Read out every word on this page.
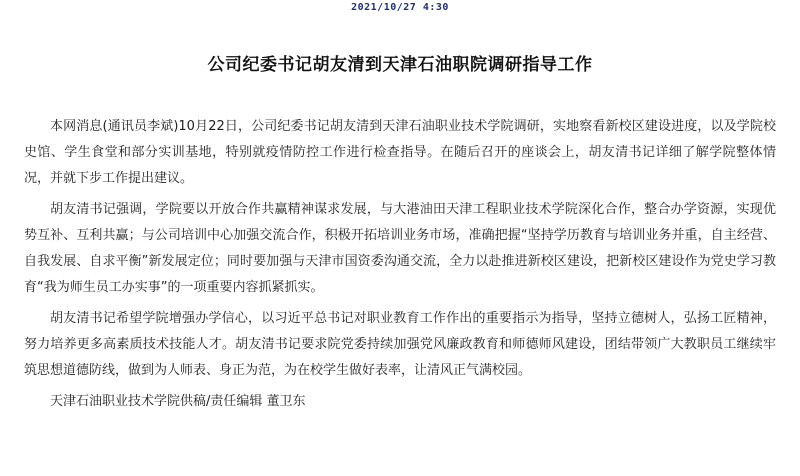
2021/10/27 4:30
公司纪委书记胡友清到天津石油职院调研指导工作

本网消息(通讯员李斌)10月22日，公司纪委书记胡友清到天津石油职业技术学院调研，实地察看新校区建设进度，以及学院校史馆、学生食堂和部分实训基地，特别就疫情防控工作进行检查指导。在随后召开的座谈会上，胡友清书记详细了解学院整体情况，并就下步工作提出建议。

胡友清书记强调，学院要以开放合作共赢精神谋求发展，与大港油田天津工程职业技术学院深化合作，整合办学资源，实现优势互补、互利共赢；与公司培训中心加强交流合作，积极开拓培训业务市场，准确把握“坚持学历教育与培训业务并重，自主经营、自我发展、自求平衡”新发展定位；同时要加强与天津市国资委沟通交流，全力以赴推进新校区建设，把新校区建设作为党史学习教育“我为师生员工办实事”的一项重要内容抓紧抓实。

胡友清书记希望学院增强办学信心，以习近平总书记对职业教育工作作出的重要指示为指导，坚持立德树人，弘扬工匠精神，努力培养更多高素质技术技能人才。胡友清书记要求院党委持续加强党风廉政教育和师德师风建设，团结带领广大教职员工继续牢筑思想道德防线，做到为人师表、身正为范，为在校学生做好表率，让清风正气满校园。

天津石油职业技术学院供稿/责任编辑 董卫东
